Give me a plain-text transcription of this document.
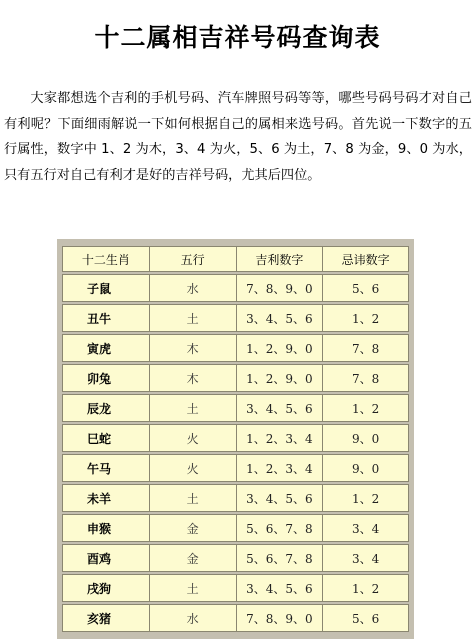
十二属相吉祥号码查询表

大家都想选个吉利的手机号码、汽车牌照号码等等，哪些号码号码才对自己有利呢？下面细雨解说一下如何根据自己的属相来选号码。首先说一下数字的五行属性，数字中 1、2 为木，3、4 为火，5、6 为土，7、8 为金，9、0 为水，只有五行对自己有利才是好的吉祥号码，尤其后四位。

十二生肖	五行	吉利数字	忌讳数字
子鼠	水	7、8、9、0	5、6
丑牛	土	3、4、5、6	1、2
寅虎	木	1、2、9、0	7、8
卯兔	木	1、2、9、0	7、8
辰龙	土	3、4、5、6	1、2
巳蛇	火	1、2、3、4	9、0
午马	火	1、2、3、4	9、0
未羊	土	3、4、5、6	1、2
申猴	金	5、6、7、8	3、4
酉鸡	金	5、6、7、8	3、4
戌狗	土	3、4、5、6	1、2
亥猪	水	7、8、9、0	5、6
